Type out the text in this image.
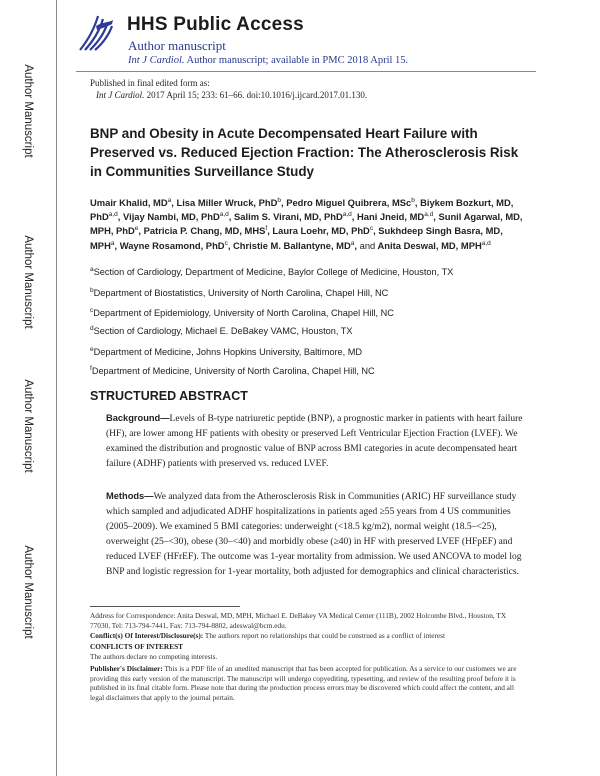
Author Manuscript
Author Manuscript
Author Manuscript
Author Manuscript
HHS Public Access
Author manuscript
Int J Cardiol. Author manuscript; available in PMC 2018 April 15.
Published in final edited form as:
Int J Cardiol. 2017 April 15; 233: 61–66. doi:10.1016/j.ijcard.2017.01.130.
BNP and Obesity in Acute Decompensated Heart Failure with Preserved vs. Reduced Ejection Fraction: The Atherosclerosis Risk in Communities Surveillance Study
Umair Khalid, $MD^a$, Lisa Miller Wruck, PhD$^b$, Pedro Miguel Quibrera, MSc$^b$, Biykem Bozkurt, MD, PhD$^{a,d}$, Vijay Nambi, MD, PhD$^{a,d}$, Salim S. Virani, MD, PhD$^{a,d}$, Hani Jneid, MD$^{a,d}$, Sunil Agarwal, MD, MPH, PhD$^e$, Patricia P. Chang, MD, MHS$^f$, Laura Loehr, MD, PhD$^c$, Sukhdeep Singh Basra, MD, MPH$^a$, Wayne Rosamond, PhD$^c$, Christie M. Ballantyne, $MD^a$, and Anita Deswal, MD, MPH$^{a,d}$
$^a$Section of Cardiology, Department of Medicine, Baylor College of Medicine, Houston, TX
$^b$Department of Biostatistics, University of North Carolina, Chapel Hill, NC
$^c$Department of Epidemiology, University of North Carolina, Chapel Hill, NC
$^d$Section of Cardiology, Michael E. DeBakey VAMC, Houston, TX
$^e$Department of Medicine, Johns Hopkins University, Baltimore, MD
$^f$Department of Medicine, University of North Carolina, Chapel Hill, NC
STRUCTURED ABSTRACT
Background—Levels of B-type natriuretic peptide (BNP), a prognostic marker in patients with heart failure (HF), are lower among HF patients with obesity or preserved Left Ventricular Ejection Fraction (LVEF). We examined the distribution and prognostic value of BNP across BMI categories in acute decompensated heart failure (ADHF) patients with preserved vs. reduced LVEF.
Methods—We analyzed data from the Atherosclerosis Risk in Communities (ARIC) HF surveillance study which sampled and adjudicated ADHF hospitalizations in patients aged ≥55 years from 4 US communities (2005–2009). We examined 5 BMI categories: underweight (<18.5 kg/m2), normal weight (18.5–<25), overweight (25–<30), obese (30–<40) and morbidly obese (≥40) in HF with preserved LVEF (HFpEF) and reduced LVEF (HFrEF). The outcome was 1-year mortality from admission. We used ANCOVA to model log BNP and logistic regression for 1-year mortality, both adjusted for demographics and clinical characteristics.
Address for Correspondence: Anita Deswal, MD, MPH, Michael E. DeBakey VA Medical Center (111B), 2002 Holcombe Blvd., Houston, TX 77030, Tel: 713-794-7441, Fax: 713-794-8802, adeswal@bcm.edu.
Conflict(s) Of Interest/Disclosure(s): The authors report no relationships that could be construed as a conflict of interest
CONFLICTS OF INTEREST
The authors declare no competing interests.
Publisher's Disclaimer: This is a PDF file of an unedited manuscript that has been accepted for publication. As a service to our customers we are providing this early version of the manuscript. The manuscript will undergo copyediting, typesetting, and review of the resulting proof before it is published in its final citable form. Please note that during the production process errors may be discovered which could affect the content, and all legal disclaimers that apply to the journal pertain.
